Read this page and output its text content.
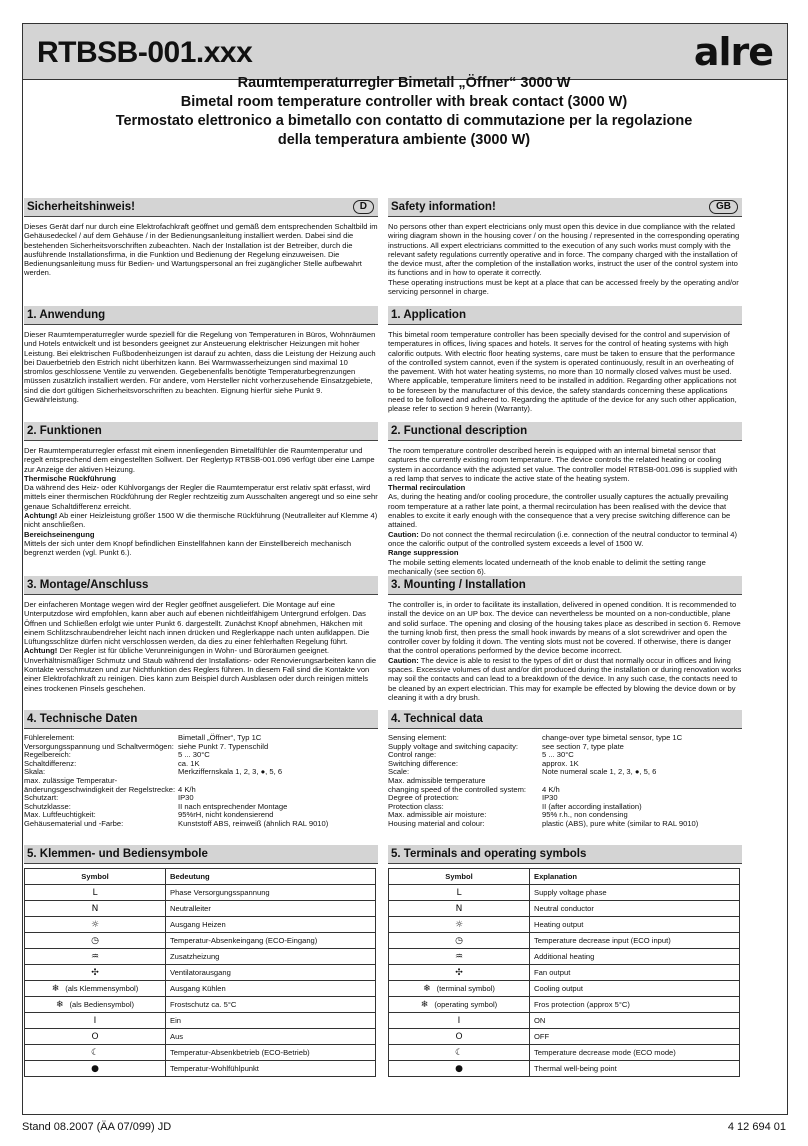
RTBSB-001.xxx	alre
Raumtemperaturregler Bimetall „Öffner“ 3000 W
Bimetal room temperature controller with break contact (3000 W)
Termostato elettronico a bimetallo con contatto di commutazione per la regolazione
della temperatura ambiente (3000 W)
Sicherheitshinweis!	D
Dieses Gerät darf nur durch eine Elektrofachkraft geöffnet und gemäß dem entsprechenden Schaltbild im Gehäusedeckel / auf dem Gehäuse / in der Bedienungsanleitung installiert werden. Dabei sind die bestehenden Sicherheitsvorschriften zubeachten. Nach der Installation ist der Betreiber, durch die ausführende Installationsfirma, in die Funktion und Bedienung der Regelung einzuweisen. Die Bedienungsanleitung muss für Bedien- und Wartungspersonal an frei zugänglicher Stelle aufbewahrt werden.
1. Anwendung
Dieser Raumtemperaturregler wurde speziell für die Regelung von Temperaturen in Büros, Wohnräumen und Hotels entwickelt und ist besonders geeignet zur Ansteuerung elektrischer Heizungen mit hoher Leistung. Bei elektrischen Fußbodenheizungen ist darauf zu achten, dass die Leistung der Heizung auch bei Dauerbetrieb den Estrich nicht überhitzen kann. Bei Warmwasserheizungen sind maximal 10 stromlos geschlossene Ventile zu verwenden. Gegebenenfalls benötigte Temperaturbegrenzungen müssen zusätzlich installiert werden. Für andere, vom Hersteller nicht vorherzusehende Einsatzgebiete, sind die dort gültigen Sicherheitsvorschriften zu beachten. Eignung hierfür siehe Punkt 9. Gewährleistung.
2. Funktionen

Der Raumtemperaturregler erfasst mit einem innenliegenden Bimetallfühler die Raumtemperatur und regelt entsprechend dem eingestellten Sollwert. Der Reglertyp RTBSB-001.096 verfügt über eine Lampe zur Anzeige der aktiven Heizung.

Thermische Rückführung

Da während des Heiz- oder Kühlvorgangs der Regler die Raumtemperatur erst relativ spät erfasst, wird mittels einer thermischen Rückführung der Regler rechtzeitig zum Ausschalten angeregt und so eine sehr genaue Schaltdifferenz erreicht.

Achtung! Ab einer Heizleistung größer 1500 W die thermische Rückführung (Neutralleiter auf Klemme 4) nicht anschließen.

Bereichseinengung

Mittels der sich unter dem Knopf befindlichen Einstellfahnen kann der Einstellbereich mechanisch begrenzt werden (vgl. Punkt 6.).

3. Montage/Anschluss

Der einfacheren Montage wegen wird der Regler geöffnet ausgeliefert. Die Montage auf eine Unterputzdose wird empfohlen, kann aber auch auf ebenen nichtleitfähigem Untergrund erfolgen. Das Öffnen und Schließen erfolgt wie unter Punkt 6. dargestellt. Zunächst Knopf abnehmen, Häkchen mit einem Schlitzschraubendreher leicht nach innen drücken und Reglerkappe nach unten aufklappen. Die Lüftungsschlitze dürfen nicht verschlossen werden, da dies zu einer fehlerhaften Regelung führt.

Achtung! Der Regler ist für übliche Verunreinigungen in Wohn- und Büroräumen geeignet. Unverhältnismäßiger Schmutz und Staub während der Installations- oder Renovierungsarbeiten kann die Kontakte verschmutzen und zur Nichtfunktion des Reglers führen. In diesem Fall sind die Kontakte von einer Elektrofachkraft zu reinigen. Dies kann zum Beispiel durch Ausblasen oder durch reinigen mittels eines trockenen Pinsels geschehen.

4. Technische Daten
Fühlerelement:	Bimetall „Öffner“, Typ 1C
Versorgungsspannung und Schaltvermögen: siehe Punkt 7. Typenschild
Regelbereich:	5 ... 30°C
Schaltdifferenz:	ca. 1K
Skala:	Merkziffernskala 1, 2, 3, ●, 5, 6
max. zulässige Temperatur-
änderungsgeschwindigkeit der Regelstrecke: 4 K/h
Schutzart:	IP30
Schutzklasse:	II nach entsprechender Montage
Max. Luftfeuchtigkeit:	95%rH, nicht kondensierend
Gehäusematerial und -Farbe:	Kunststoff ABS, reinweiß (ähnlich RAL 9010)
5. Klemmen- und Bediensymbole
Symbol	Bedeutung
L	Phase Versorgungsspannung
N	Neutralleiter
☼	Ausgang Heizen
◷	Temperatur-Absenkeingang (ECO-Eingang)
♒	Zusatzheizung
✣	Ventilatorausgang
❄ (als Klemmensymbol)	Ausgang Kühlen
❄ (als Bediensymbol)	Frostschutz ca. 5°C
I	Ein
O	Aus
☾	Temperatur-Absenkbetrieb (ECO-Betrieb)
●	Temperatur-Wohlfühlpunkt
Safety information!	GB

No persons other than expert electricians only must open this device in due compliance with the related wiring diagram shown in the housing cover / on the housing / represented in the corresponding operating instructions. All expert electricians committed to the execution of any such works must comply with the relevant safety regulations currently operative and in force. The company charged with the installation of the device must, after the completion of the installation works, instruct the user of the control system into its functions and in how to operate it correctly.

These operating instructions must be kept at a place that can be accessed freely by the operating and/or servicing personnel in charge.

1. Application
This bimetal room temperature controller has been specially devised for the control and supervision of temperatures in offices, living spaces and hotels. It serves for the control of heating systems with high calorific outputs. With electric floor heating systems, care must be taken to ensure that the performance of the controlled system cannot, even if the system is operated continuously, result in an overheating of the pavement. With hot water heating systems, no more than 10 normally closed valves must be used. Where applicable, temperature limiters need to be installed in addition. Regarding other applications not to be foreseen by the manufacturer of this device, the safety standards concerning these applications need to be followed and adhered to. Regarding the aptitude of the device for any such other application, please refer to section 9 herein (Warranty).
2. Functional description

The room temperature controller described herein is equipped with an internal bimetal sensor that captures the currently existing room temperature. The device controls the related heating or cooling system in accordance with the adjusted set value. The controller model RTBSB-001.096 is supplied with a red lamp that serves to indicate the active state of the heating system.

Thermal recirculation

As, during the heating and/or cooling procedure, the controller usually captures the actually prevailing room temperature at a rather late point, a thermal recirculation has been realised with the device that enables to excite it early enough with the consequence that a very precise switching difference can be attained.

Caution: Do not connect the thermal recirculation (i.e. connection of the neutral conductor to terminal 4) once the calorific output of the controlled system exceeds a level of 1500 W.

Range suppression

The mobile setting elements located underneath of the knob enable to delimit the setting range mechanically (see section 6).

3. Mounting / Installation

The controller is, in order to facilitate its installation, delivered in opened condition. It is recommended to install the device on an UP box. The device can nevertheless be mounted on a non-conductible, plane and solid surface. The opening and closing of the housing takes place as described in section 6. Remove the turning knob first, then press the small hook inwards by means of a slot screwdriver and open the controller cover by folding it down. The venting slots must not be covered. If otherwise, there is danger that the control operations performed by the device become incorrect.

Caution: The device is able to resist to the types of dirt or dust that normally occur in offices and living spaces. Excessive volumes of dust and/or dirt produced during the installation or during renovation works may soil the contacts and can lead to a breakdown of the device. In any such case, the contacts need to be cleaned by an expert electrician. This may for example be effected by blowing the device down or by cleaning it with a dry brush.

4. Technical data
Sensing element:	change-over type bimetal sensor, type 1C
Supply voltage and switching capacity:	see section 7, type plate
Control range:	5 ... 30°C
Switching difference:	approx. 1K
Scale:	Note numeral scale 1, 2, 3, ●, 5, 6
Max. admissible temperature
changing speed of the controlled system:	4 K/h
Degree of protection:	IP30
Protection class:	II (after according installation)
Max. admissible air moisture:	95% r.h., non condensing
Housing material and colour:	plastic (ABS), pure white (similar to RAL 9010)
5. Terminals and operating symbols
Symbol	Explanation
L	Supply voltage phase
N	Neutral conductor
☼	Heating output
◷	Temperature decrease input (ECO input)
♒	Additional heating
✣	Fan output
❄ (terminal symbol)	Cooling output
❄ (operating symbol)	Fros protection (approx 5°C)
I	ON
O	OFF
☾	Temperature decrease mode (ECO mode)
●	Thermal well-being point
Stand 08.2007 (ÄA 07/099) JD	4 12 694 01
